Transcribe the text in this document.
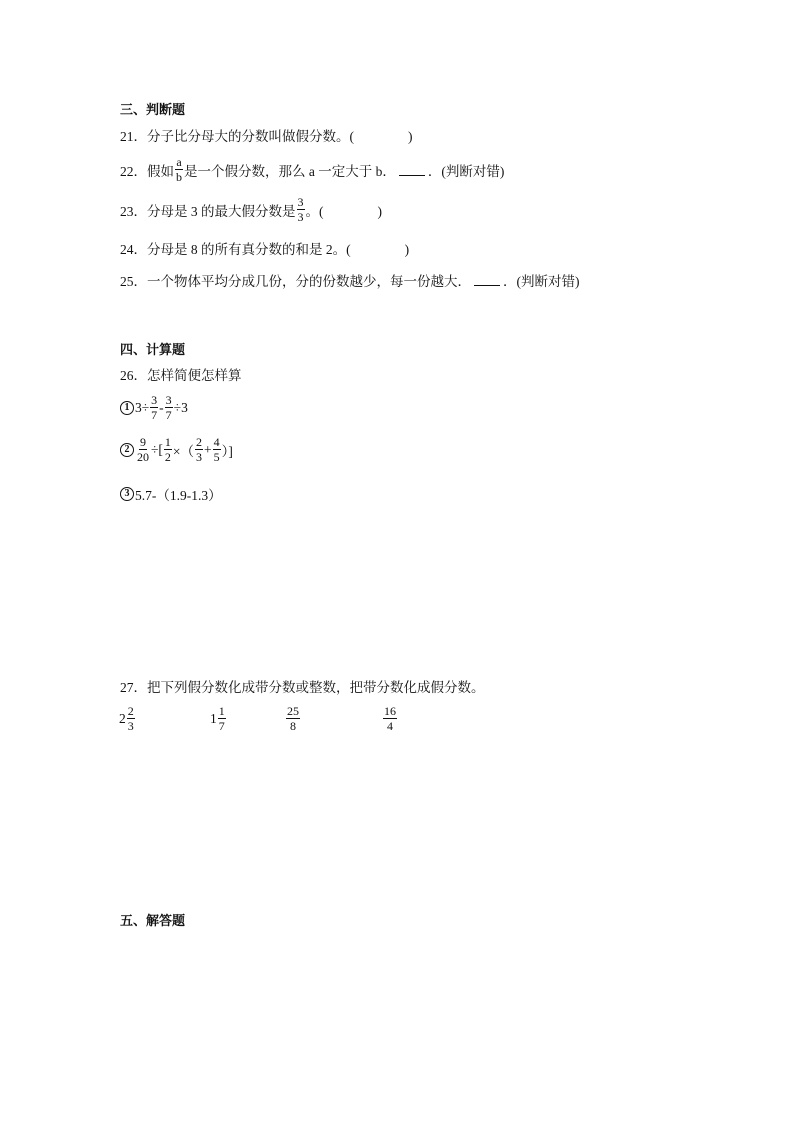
三、判断题
21．分子比分母大的分数叫做假分数。(　　　　)
22．假如 $\frac{a}{b}$ 是一个假分数，那么 a 一定大于 b． ．(判断对错)
23．分母是 3 的最大假分数是 $\frac{3}{3}$ 。(　　　　)
24．分母是 8 的所有真分数的和是 2。(　　　　)
25．一个物体平均分成几份，分的份数越少，每一份越大． ．(判断对错)
四、计算题
26．怎样简便怎样算
1 $3\div \frac{3}{7} - \frac{3}{7} \div 3$
$2 \frac{9}{20}$ ÷[ $\frac{1}{2}$ ×（ $\frac{2}{3} + \frac{4}{5}$ ）]
3 5.7-（1.9-1.3）
27．把下列假分数化成带分数或整数，把带分数化成假分数。
$2 \frac{2}{3}$	$1 \frac{1}{7}$	$\frac{25}{8}$	$\frac{16}{4}$
五、解答题
